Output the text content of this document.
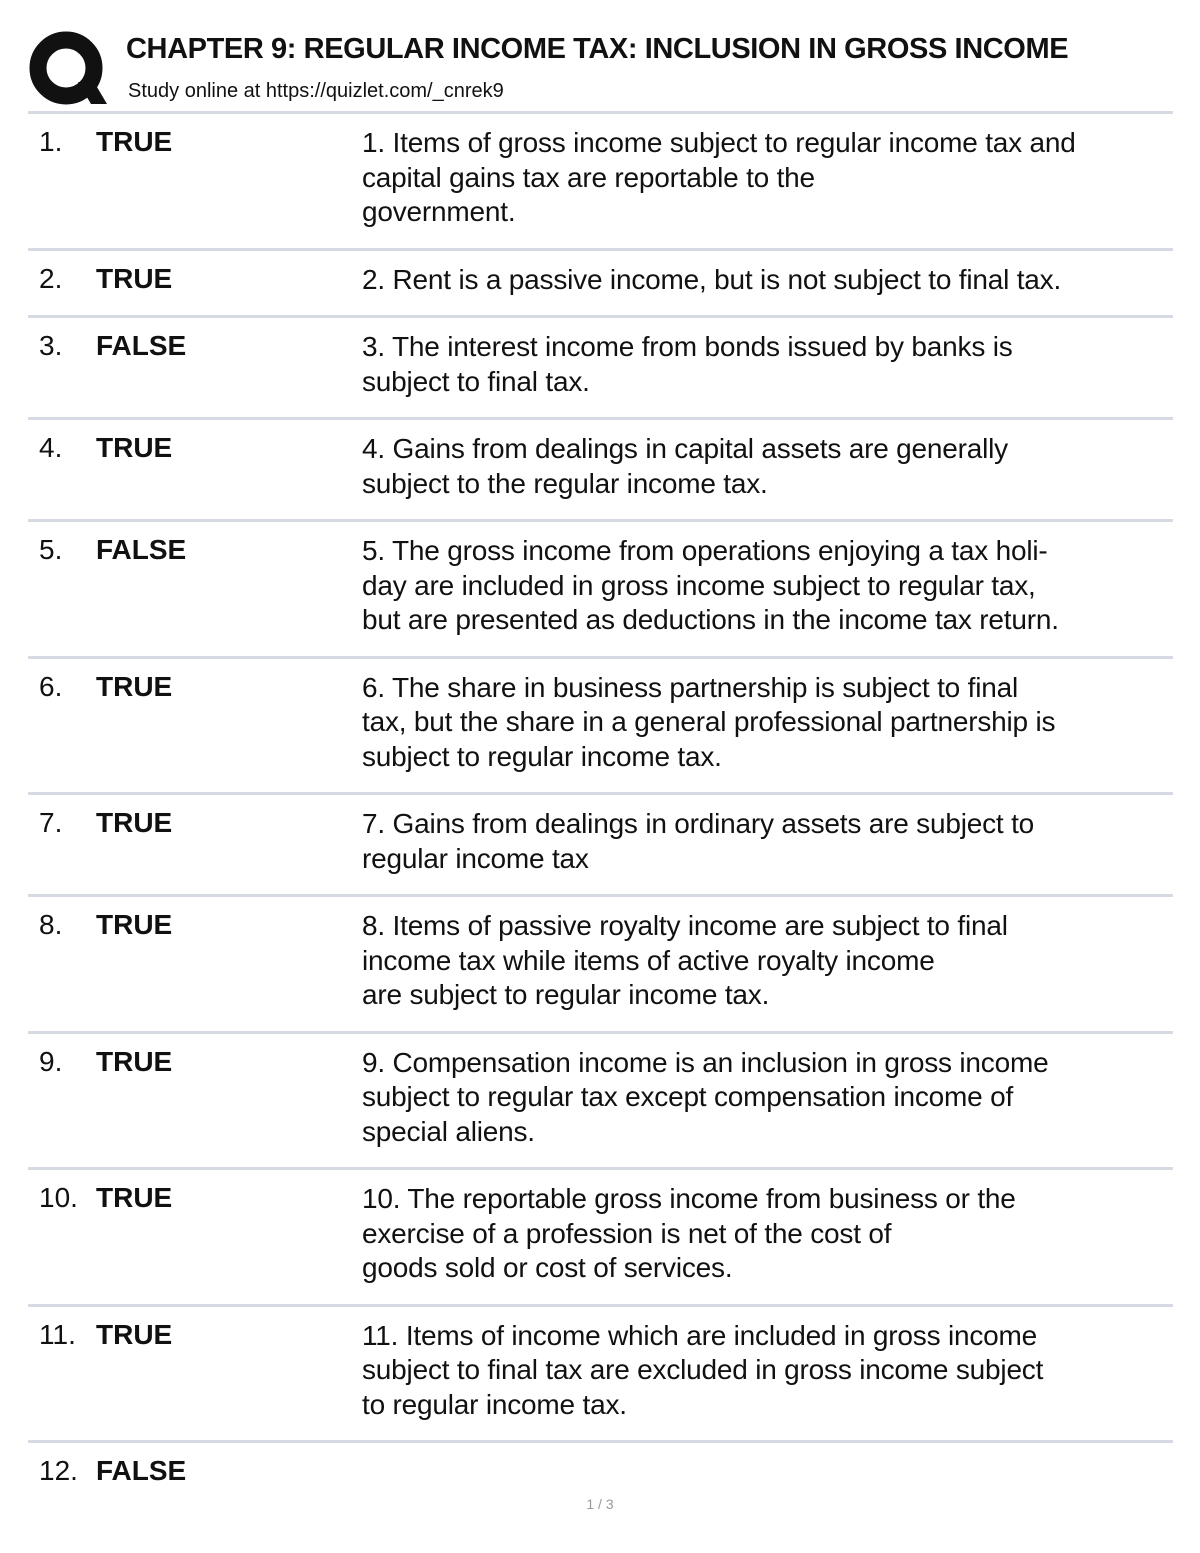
CHAPTER 9: REGULAR INCOME TAX: INCLUSION IN GROSS INCOME
Study online at https://quizlet.com/_cnrek9
1. TRUE	1. Items of gross income subject to regular income tax and
capital gains tax are reportable to the
government.
2. TRUE	2. Rent is a passive income, but is not subject to final tax.
3. FALSE	3. The interest income from bonds issued by banks is
subject to final tax.
4. TRUE	4. Gains from dealings in capital assets are generally
subject to the regular income tax.
5. FALSE	5. The gross income from operations enjoying a tax holi-
day are included in gross income subject to regular tax,
but are presented as deductions in the income tax return.
6. TRUE	6. The share in business partnership is subject to final
tax, but the share in a general professional partnership is
subject to regular income tax.
7. TRUE	7. Gains from dealings in ordinary assets are subject to
regular income tax
8. TRUE	8. Items of passive royalty income are subject to final
income tax while items of active royalty income
are subject to regular income tax.
9. TRUE	9. Compensation income is an inclusion in gross income
subject to regular tax except compensation income of
special aliens.
10. TRUE	10. The reportable gross income from business or the
exercise of a profession is net of the cost of
goods sold or cost of services.
11. TRUE	11. Items of income which are included in gross income
subject to final tax are excluded in gross income subject
to regular income tax.
12. FALSE
1 / 3
